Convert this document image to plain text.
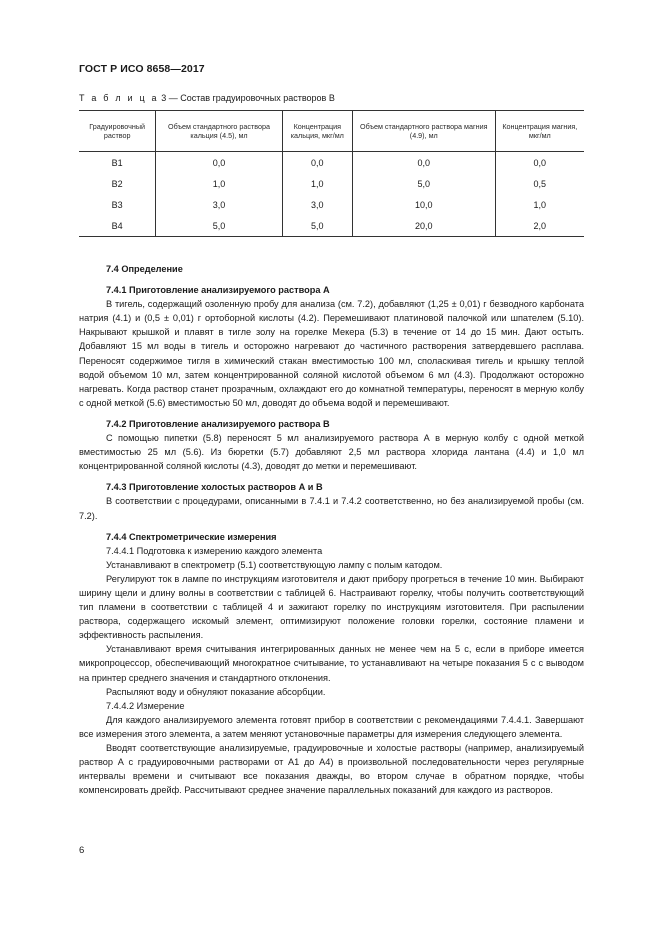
ГОСТ Р ИСО 8658—2017
Т а б л и ц а 3 — Состав градуировочных растворов В
Градуировочный раствор	Объем стандартного раствора кальция (4.5), мл	Концентрация кальция, мкг/мл	Объем стандартного раствора магния (4.9), мл	Концентрация магния, мкг/мл
В1	0,0	0,0	0,0	0,0
В2	1,0	1,0	5,0	0,5
В3	3,0	3,0	10,0	1,0
В4	5,0	5,0	20,0	2,0
7.4 Определение
7.4.1 Приготовление анализируемого раствора А

В тигель, содержащий озоленную пробу для анализа (см. 7.2), добавляют (1,25 ± 0,01) г безводного карбоната натрия (4.1) и (0,5 ± 0,01) г ортоборной кислоты (4.2). Перемешивают платиновой палочкой или шпателем (5.10). Накрывают крышкой и плавят в тигле золу на горелке Мекера (5.3) в течение от 14 до 15 мин. Дают остыть. Добавляют 15 мл воды в тигель и осторожно нагревают до частичного растворения затвердевшего расплава. Переносят содержимое тигля в химический стакан вместимостью 100 мл, споласкивая тигель и крышку теплой водой объемом 10 мл, затем концентрированной соляной кислотой объемом 6 мл (4.3). Продолжают осторожно нагревать. Когда раствор станет прозрачным, охлаждают его до комнатной температуры, переносят в мерную колбу с одной меткой (5.6) вместимостью 50 мл, доводят до объема водой и перемешивают.

7.4.2 Приготовление анализируемого раствора В

С помощью пипетки (5.8) переносят 5 мл анализируемого раствора А в мерную колбу с одной меткой вместимостью 25 мл (5.6). Из бюретки (5.7) добавляют 2,5 мл раствора хлорида лантана (4.4) и 1,0 мл концентрированной соляной кислоты (4.3), доводят до метки и перемешивают.

7.4.3 Приготовление холостых растворов А и В

В соответствии с процедурами, описанными в 7.4.1 и 7.4.2 соответственно, но без анализируемой пробы (см. 7.2).

7.4.4 Спектрометрические измерения

7.4.4.1 Подготовка к измерению каждого элемента

Устанавливают в спектрометр (5.1) соответствующую лампу с полым катодом.

Регулируют ток в лампе по инструкциям изготовителя и дают прибору прогреться в течение 10 мин. Выбирают ширину щели и длину волны в соответствии с таблицей 6. Настраивают горелку, чтобы получить соответствующий тип пламени в соответствии с таблицей 4 и зажигают горелку по инструкциям изготовителя. При распылении раствора, содержащего искомый элемент, оптимизируют положение головки горелки, состояние пламени и эффективность распыления.

Устанавливают время считывания интегрированных данных не менее чем на 5 с, если в приборе имеется микропроцессор, обеспечивающий многократное считывание, то устанавливают на четыре показания 5 с с выводом на принтер среднего значения и стандартного отклонения.

Распыляют воду и обнуляют показание абсорбции.

7.4.4.2 Измерение

Для каждого анализируемого элемента готовят прибор в соответствии с рекомендациями 7.4.4.1. Завершают все измерения этого элемента, а затем меняют установочные параметры для измерения следующего элемента.

Вводят соответствующие анализируемые, градуировочные и холостые растворы (например, анализируемый раствор А с градуировочными растворами от А1 до А4) в произвольной последовательности через регулярные интервалы времени и считывают все показания дважды, во втором случае в обратном порядке, чтобы компенсировать дрейф. Рассчитывают среднее значение параллельных показаний для каждого из растворов.

6
